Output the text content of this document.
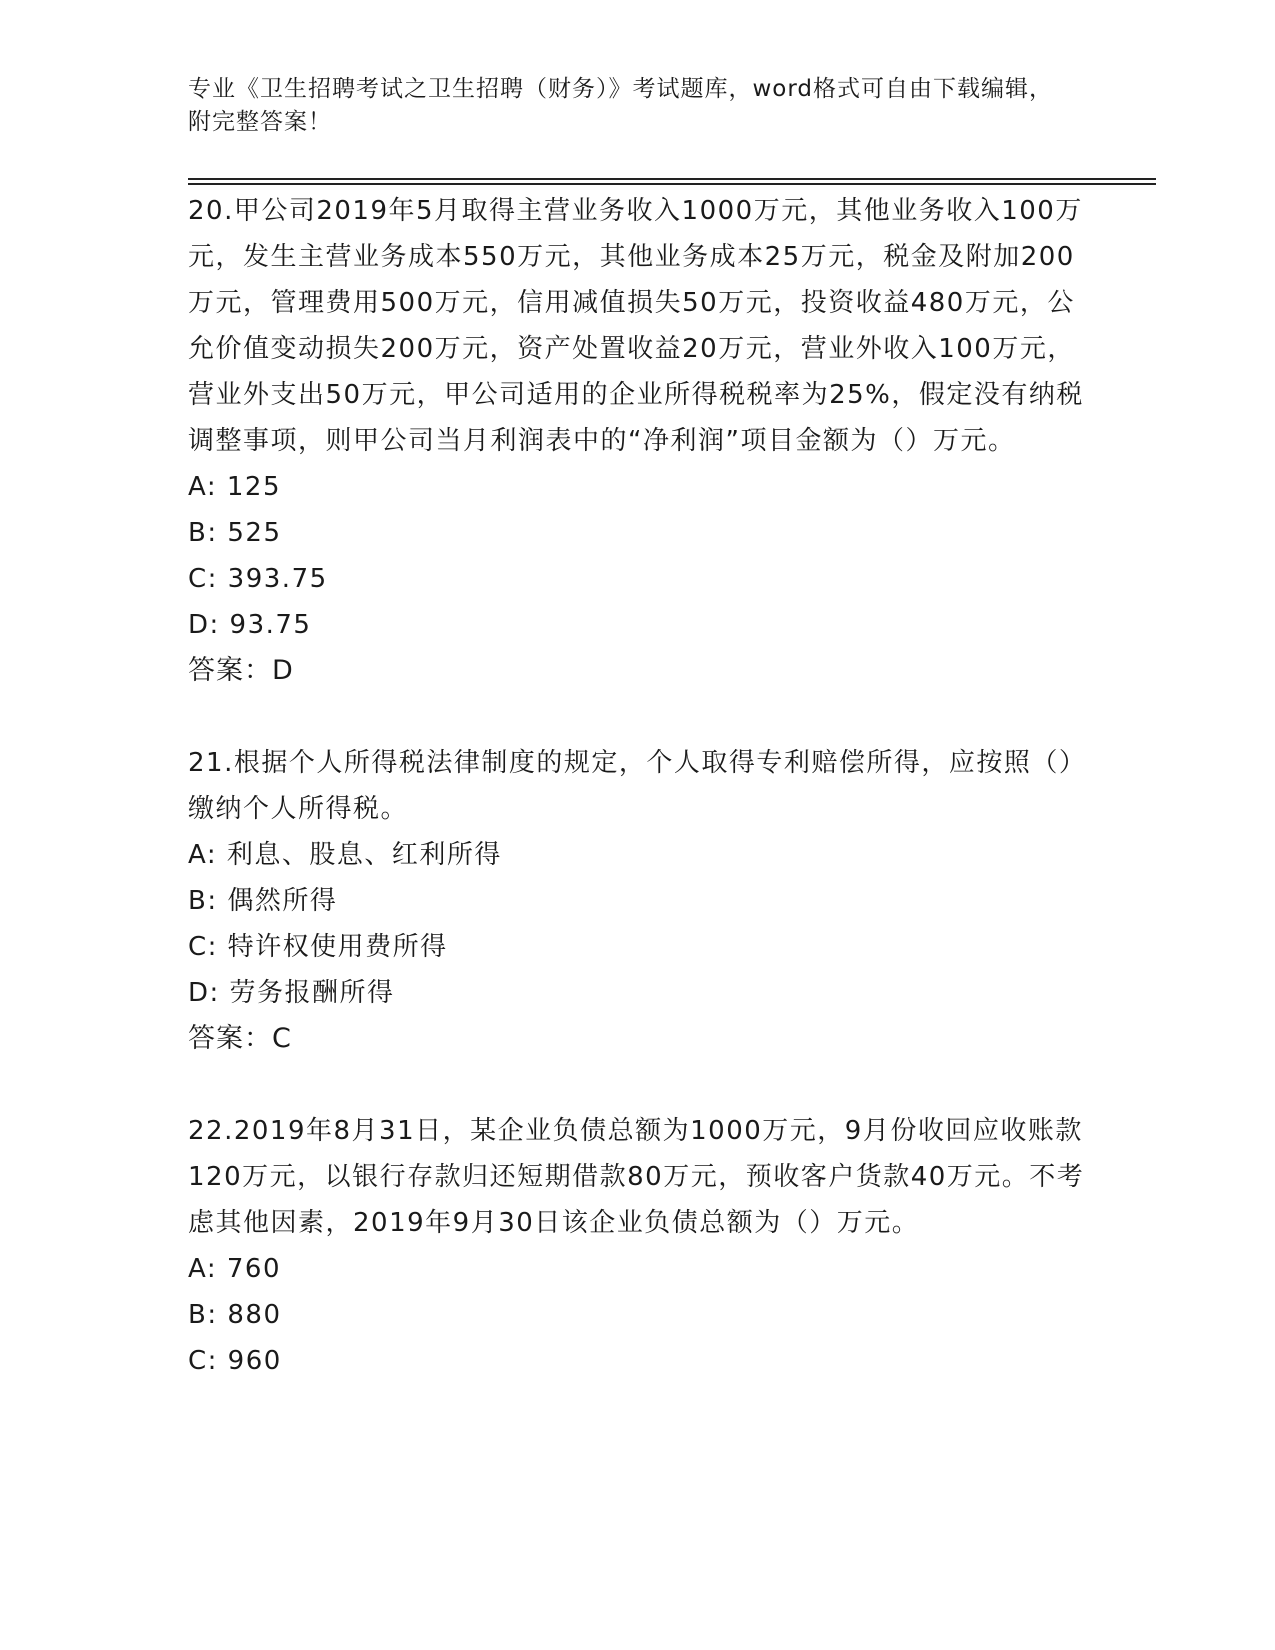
专业《卫生招聘考试之卫生招聘（财务）》考试题库，word格式可自由下载编辑，附完整答案！

20.甲公司2019年5月取得主营业务收入1000万元，其他业务收入100万元，发生主营业务成本550万元，其他业务成本25万元，税金及附加200万元，管理费用500万元，信用减值损失50万元，投资收益480万元，公允价值变动损失200万元，资产处置收益20万元，营业外收入100万元，营业外支出50万元，甲公司适用的企业所得税税率为25%，假定没有纳税调整事项，则甲公司当月利润表中的“净利润”项目金额为（）万元。

A: 125

B: 525

C: 393.75

D: 93.75

答案：D

21.根据个人所得税法律制度的规定，个人取得专利赔偿所得，应按照（）缴纳个人所得税。

A: 利息、股息、红利所得

B: 偶然所得

C: 特许权使用费所得

D: 劳务报酬所得

答案：C

22.2019年8月31日，某企业负债总额为1000万元，9月份收回应收账款120万元，以银行存款归还短期借款80万元，预收客户货款40万元。不考虑其他因素，2019年9月30日该企业负债总额为（）万元。

A: 760

B: 880

C: 960
